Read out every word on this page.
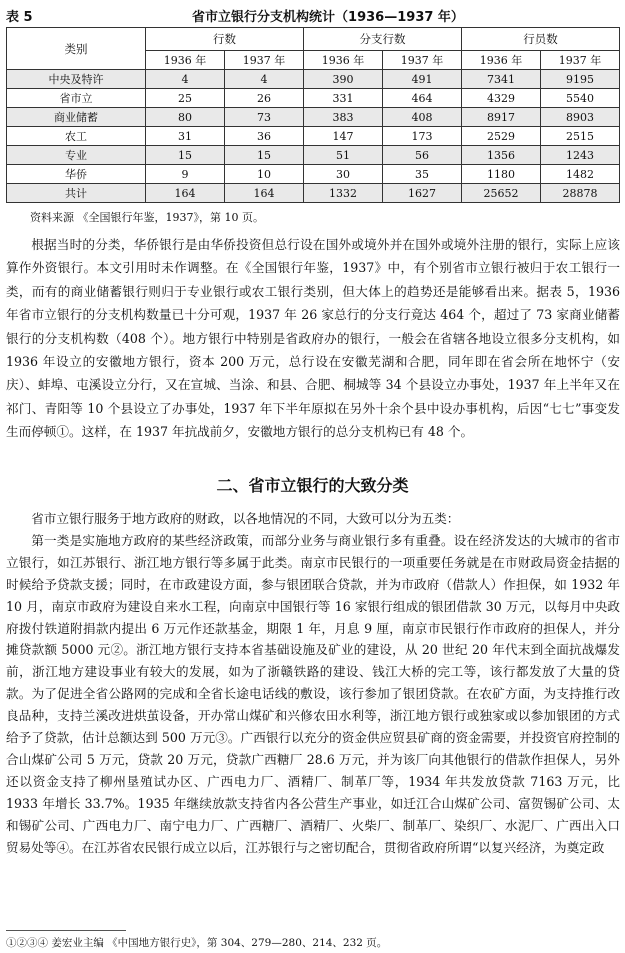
表 5	省市立银行分支机构统计（1936—1937 年）
类别	行数		分支行数		行员数	
	1936 年	1937 年	1936 年	1937 年	1936 年	1937 年
中央及特许	4	4	390	491	7341	9195
省市立	25	26	331	464	4329	5540
商业储蓄	80	73	383	408	8917	8903
农工	31	36	147	173	2529	2515
专业	15	15	51	56	1356	1243
华侨	9	10	30	35	1180	1482
共计	164	164	1332	1627	25652	28878
资料来源 《全国银行年鉴，1937》，第 10 页。

根据当时的分类，华侨银行是由华侨投资但总行设在国外或境外并在国外或境外注册的银行，实际上应该算作外资银行。本文引用时未作调整。在《全国银行年鉴，1937》中，有个别省市立银行被归于农工银行一类，而有的商业储蓄银行则归于专业银行或农工银行类别，但大体上的趋势还是能够看出来。据表 5，1936 年省市立银行的分支机构数量已十分可观，1937 年 26 家总行的分支行竟达 464 个，超过了 73 家商业储蓄银行的分支机构数（408 个）。地方银行中特别是省政府办的银行，一般会在省辖各地设立很多分支机构，如 1936 年设立的安徽地方银行，资本 200 万元，总行设在安徽芜湖和合肥，同年即在省会所在地怀宁（安庆）、蚌埠、屯溪设立分行，又在宣城、当涂、和县、合肥、桐城等 34 个县设立办事处，1937 年上半年又在祁门、青阳等 10 个县设立了办事处，1937 年下半年原拟在另外十余个县中设办事机构，后因“七七”事变发生而停顿①。这样，在 1937 年抗战前夕，安徽地方银行的总分支机构已有 48 个。

二、省市立银行的大致分类

省市立银行服务于地方政府的财政，以各地情况的不同，大致可以分为五类：

第一类是实施地方政府的某些经济政策，而部分业务与商业银行多有重叠。设在经济发达的大城市的省市立银行，如江苏银行、浙江地方银行等多属于此类。南京市民银行的一项重要任务就是在市财政局资金拮据的时候给予贷款支援；同时，在市政建设方面，参与银团联合贷款，并为市政府（借款人）作担保，如 1932 年 10 月，南京市政府为建设自来水工程，向南京中国银行等 16 家银行组成的银团借款 30 万元，以每月中央政府拨付铁道附捐款内提出 6 万元作还款基金，期限 1 年，月息 9 厘，南京市民银行作市政府的担保人，并分摊贷款额 5000 元②。浙江地方银行支持本省基础设施及矿业的建设，从 20 世纪 20 年代末到全面抗战爆发前，浙江地方建设事业有较大的发展，如为了浙赣铁路的建设、钱江大桥的完工等，该行都发放了大量的贷款。为了促进全省公路网的完成和全省长途电话线的敷设，该行参加了银团贷款。在农矿方面，为支持推行改良品种，支持兰溪改进烘茧设备，开办常山煤矿和兴修农田水利等，浙江地方银行或独家或以参加银团的方式给予了贷款，估计总额达到 500 万元③。广西银行以充分的资金供应贸县矿商的资金需要，并投资官府控制的合山煤矿公司 5 万元，贷款 20 万元，贷款广西糖厂 28.6 万元，并为该厂向其他银行的借款作担保人，另外还以资金支持了柳州垦殖试办区、广西电力厂、酒精厂、制革厂等，1934 年共发放贷款 7163 万元，比 1933 年增长 33.7%。1935 年继续放款支持省内各公营生产事业，如迁江合山煤矿公司、富贺锡矿公司、太和锡矿公司、广西电力厂、南宁电力厂、广西糖厂、酒精厂、火柴厂、制革厂、染织厂、水泥厂、广西出入口贸易处等④。在江苏省农民银行成立以后，江苏银行与之密切配合，贯彻省政府所谓“以复兴经济，为奠定政

①②③④ 姜宏业主编 《中国地方银行史》，第 304、279—280、214、232 页。
